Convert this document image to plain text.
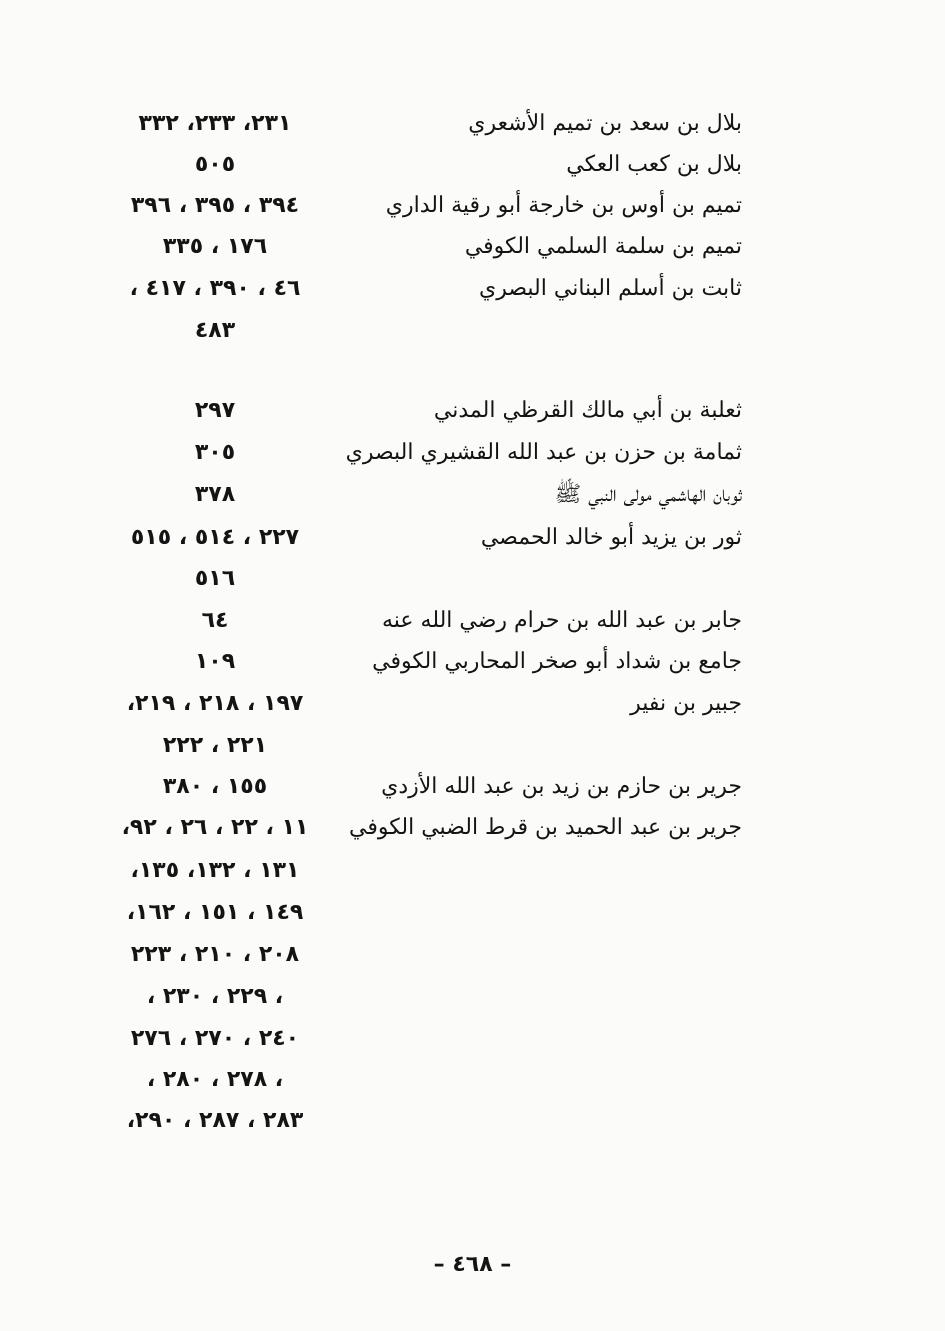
بلال بن سعد بن تميم الأشعري
٢٣١، ٢٣٣، ٣٣٢
بلال بن كعب العكي
٥٠٥
تميم بن أوس بن خارجة أبو رقية الداري
٣٩٤ ، ٣٩٥ ، ٣٩٦
تميم بن سلمة السلمي الكوفي
١٧٦ ، ٣٣٥
ثابت بن أسلم البناني البصري
٤٦ ، ٣٩٠ ، ٤١٧ ،
٤٨٣
ثعلبة بن أبي مالك القرظي المدني
٢٩٧
ثمامة بن حزن بن عبد الله القشيري البصري
٣٠٥
ثوبان الهاشمي مولى النبي ﷺ
٣٧٨
ثور بن يزيد أبو خالد الحمصي
٢٢٧ ، ٥١٤ ، ٥١٥
٥١٦
جابر بن عبد الله بن حرام رضي الله عنه
٦٤
جامع بن شداد أبو صخر المحاربي الكوفي
١٠٩
جبير بن نفير
١٩٧ ، ٢١٨ ، ٢١٩،
٢٢١ ، ٢٢٢
جرير بن حازم بن زيد بن عبد الله الأزدي
١٥٥ ، ٣٨٠
جرير بن عبد الحميد بن قرط الضبي الكوفي
١١ ، ٢٢ ، ٢٦ ، ٩٢،
١٣١ ، ١٣٢، ١٣٥،
١٤٩ ، ١٥١ ، ١٦٢،
٢٠٨ ، ٢١٠ ، ٢٢٣
، ٢٢٩ ، ٢٣٠ ،
٢٤٠ ، ٢٧٠ ، ٢٧٦
، ٢٧٨ ، ٢٨٠ ،
٢٨٣ ، ٢٨٧ ، ٢٩٠،
– ٤٦٨ –
